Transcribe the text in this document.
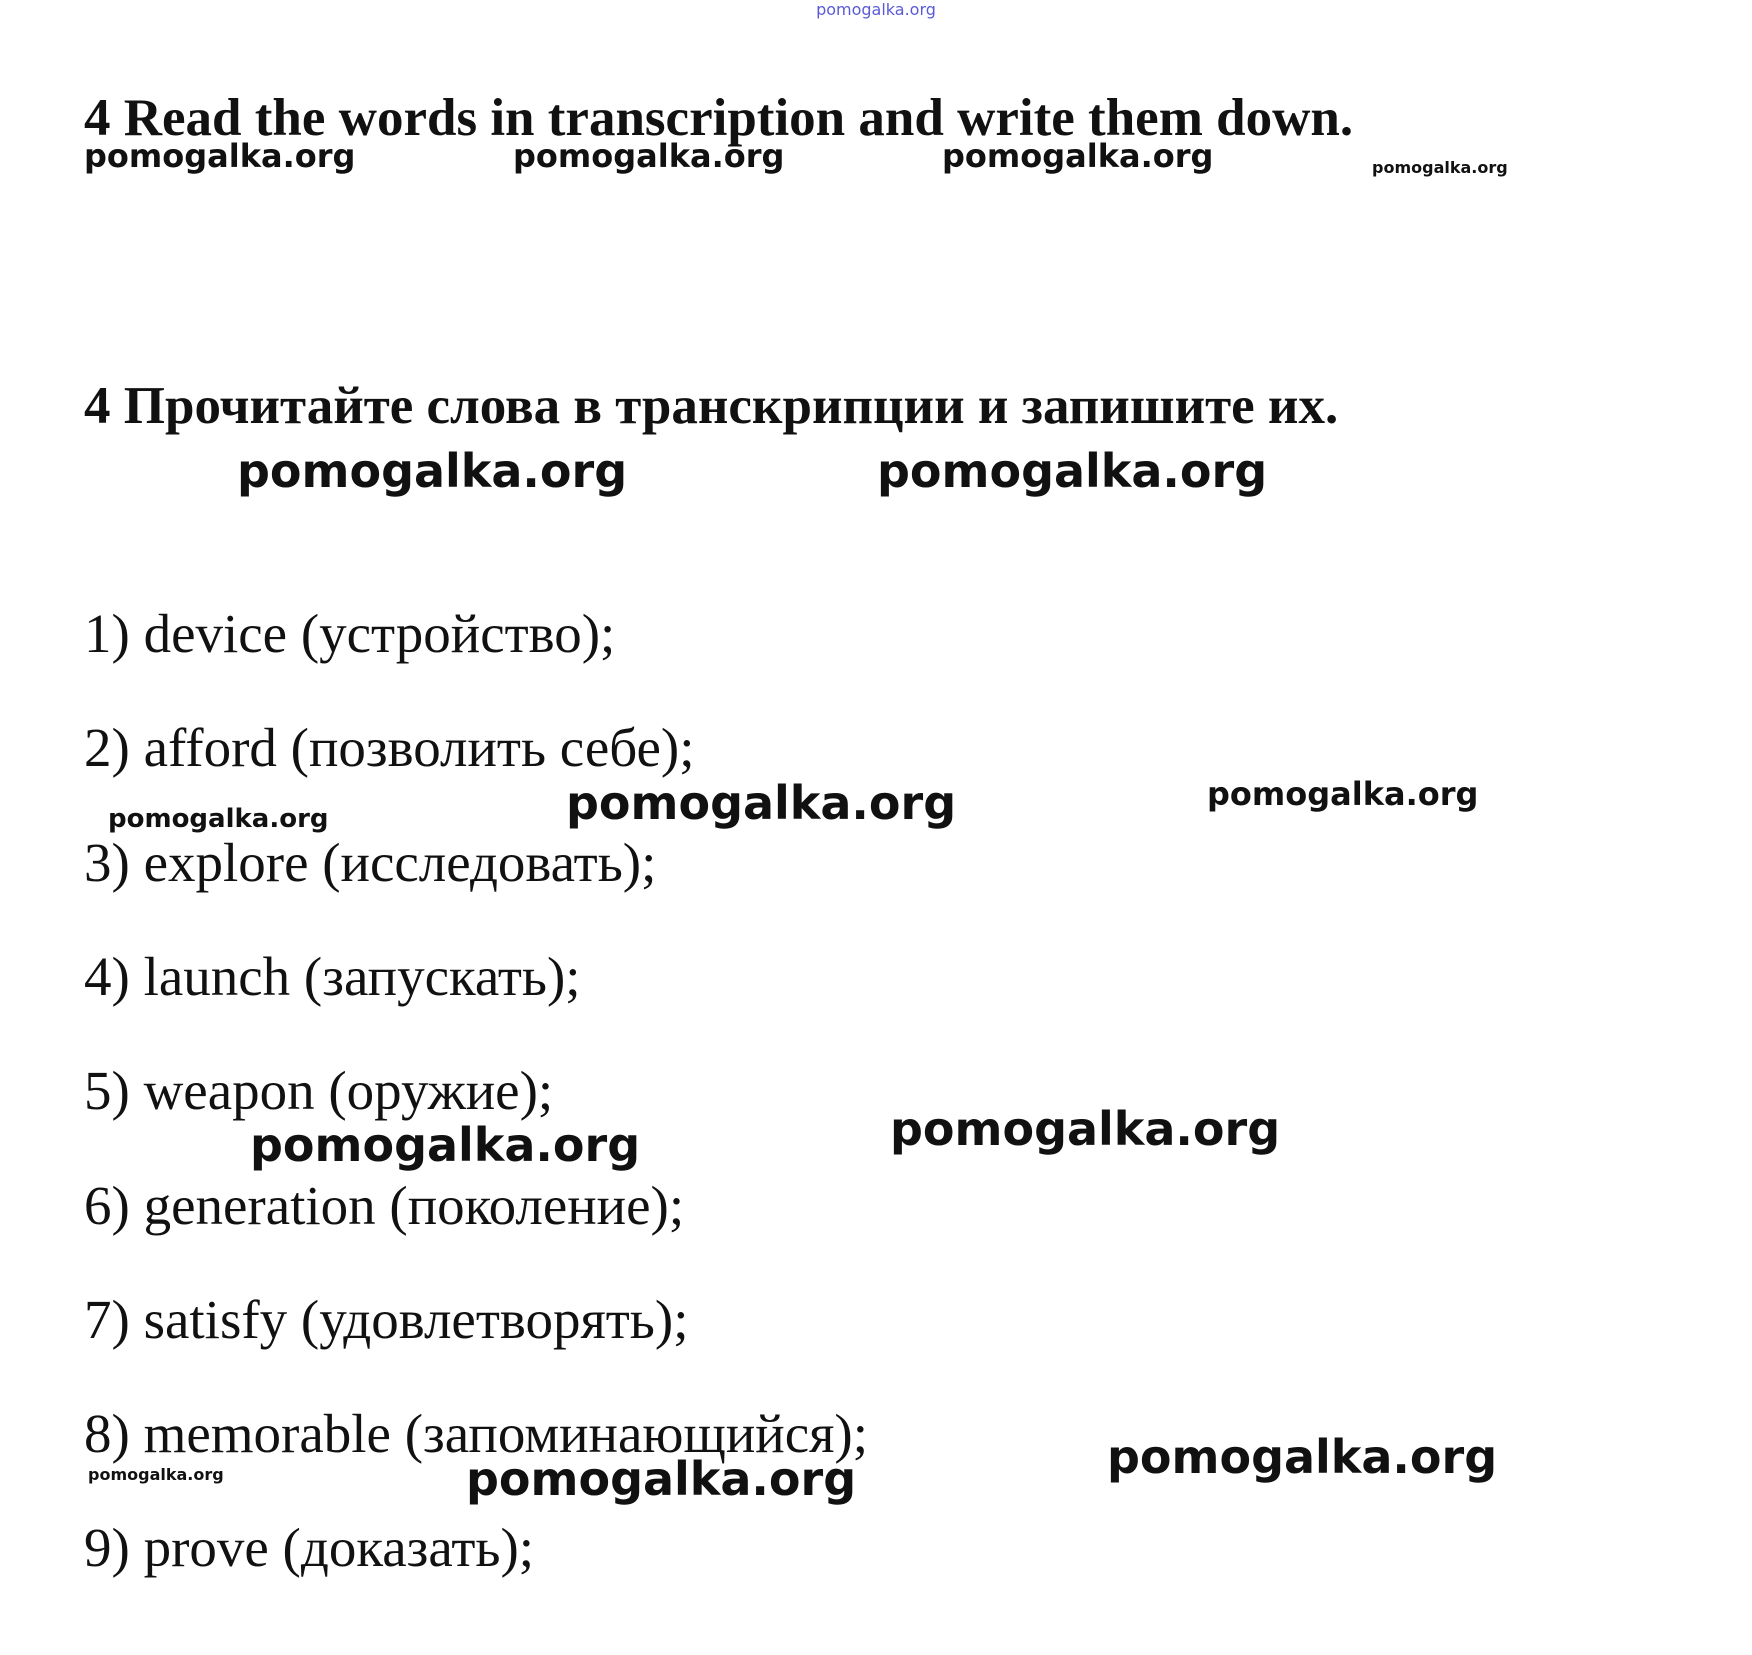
pomogalka.org
4 Read the words in transcription and write them down.
pomogalka.org	pomogalka.org	pomogalka.org	pomogalka.org
4 Прочитайте слова в транскрипции и запишите их.
pomogalka.org	pomogalka.org
1) device (устройство);
2) afford (позволить себе);
3) explore (исследовать);
4) launch (запускать);
5) weapon (оружие);
6) generation (поколение);
7) satisfy (удовлетворять);
8) memorable (запоминающийся);
9) prove (доказать);
pomogalka.org	pomogalka.org	pomogalka.org
pomogalka.org	pomogalka.org
pomogalka.org	pomogalka.org	pomogalka.org
